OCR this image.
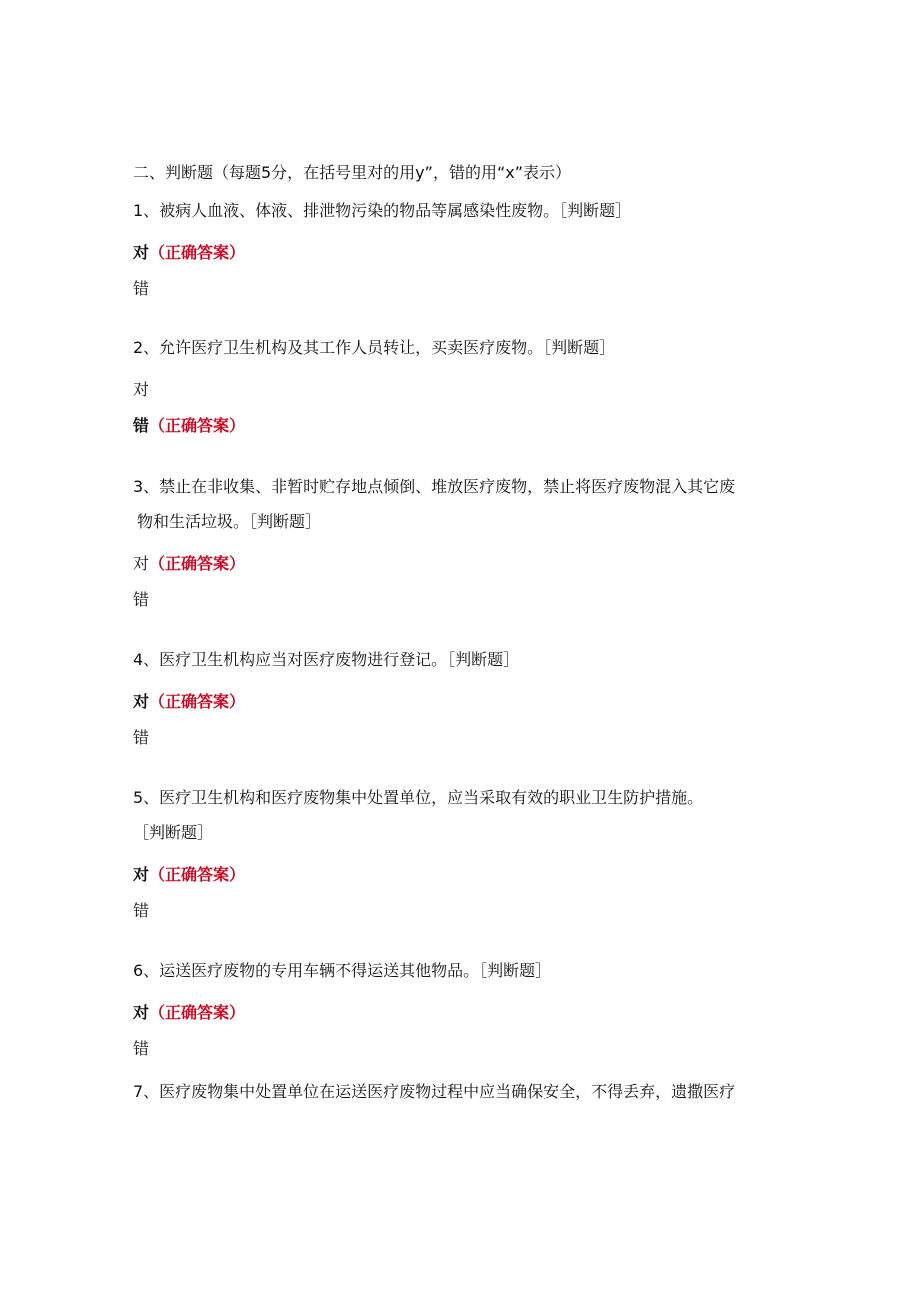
二、判断题（每题5分，在括号里对的用y”，错的用“x”表示）
1、被病人血液、体液、排泄物污染的物品等属感染性废物。［判断题］
对（正确答案）
错
2、允许医疗卫生机构及其工作人员转让，买卖医疗废物。［判断题］
对
错（正确答案）
3、禁止在非收集、非暂时贮存地点倾倒、堆放医疗废物，禁止将医疗废物混入其它废
物和生活垃圾。［判断题］
对（正确答案）
错
4、医疗卫生机构应当对医疗废物进行登记。［判断题］
对（正确答案）
错
5、医疗卫生机构和医疗废物集中处置单位，应当采取有效的职业卫生防护措施。
［判断题］
对（正确答案）
错
6、运送医疗废物的专用车辆不得运送其他物品。［判断题］
对（正确答案）
错
7、医疗废物集中处置单位在运送医疗废物过程中应当确保安全，不得丢弃，遗撒医疗
